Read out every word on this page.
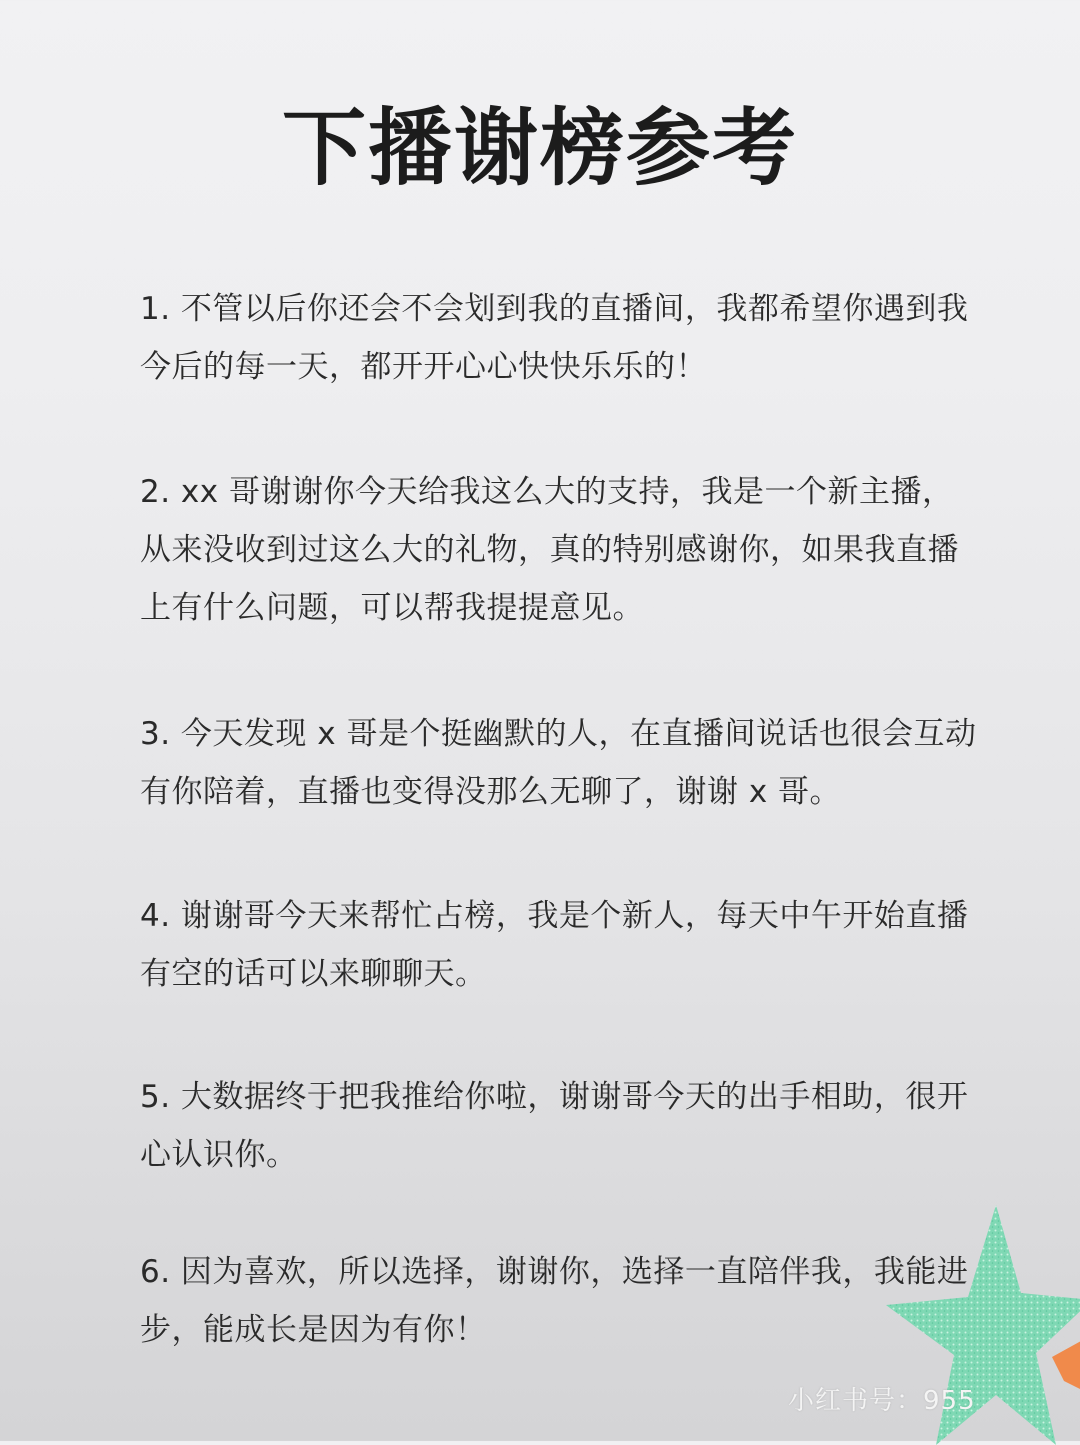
下播谢榜参考
1. 不管以后你还会不会划到我的直播间，我都希望你遇到我
今后的每一天，都开开心心快快乐乐的！
2. xx 哥谢谢你今天给我这么大的支持，我是一个新主播，
从来没收到过这么大的礼物，真的特别感谢你，如果我直播
上有什么问题，可以帮我提提意见。
3. 今天发现 x 哥是个挺幽默的人，在直播间说话也很会互动
有你陪着，直播也变得没那么无聊了，谢谢 x 哥。
4. 谢谢哥今天来帮忙占榜，我是个新人，每天中午开始直播
有空的话可以来聊聊天。
5. 大数据终于把我推给你啦，谢谢哥今天的出手相助，很开
心认识你。
6. 因为喜欢，所以选择，谢谢你，选择一直陪伴我，我能进
步，能成长是因为有你！
小红书号：955
